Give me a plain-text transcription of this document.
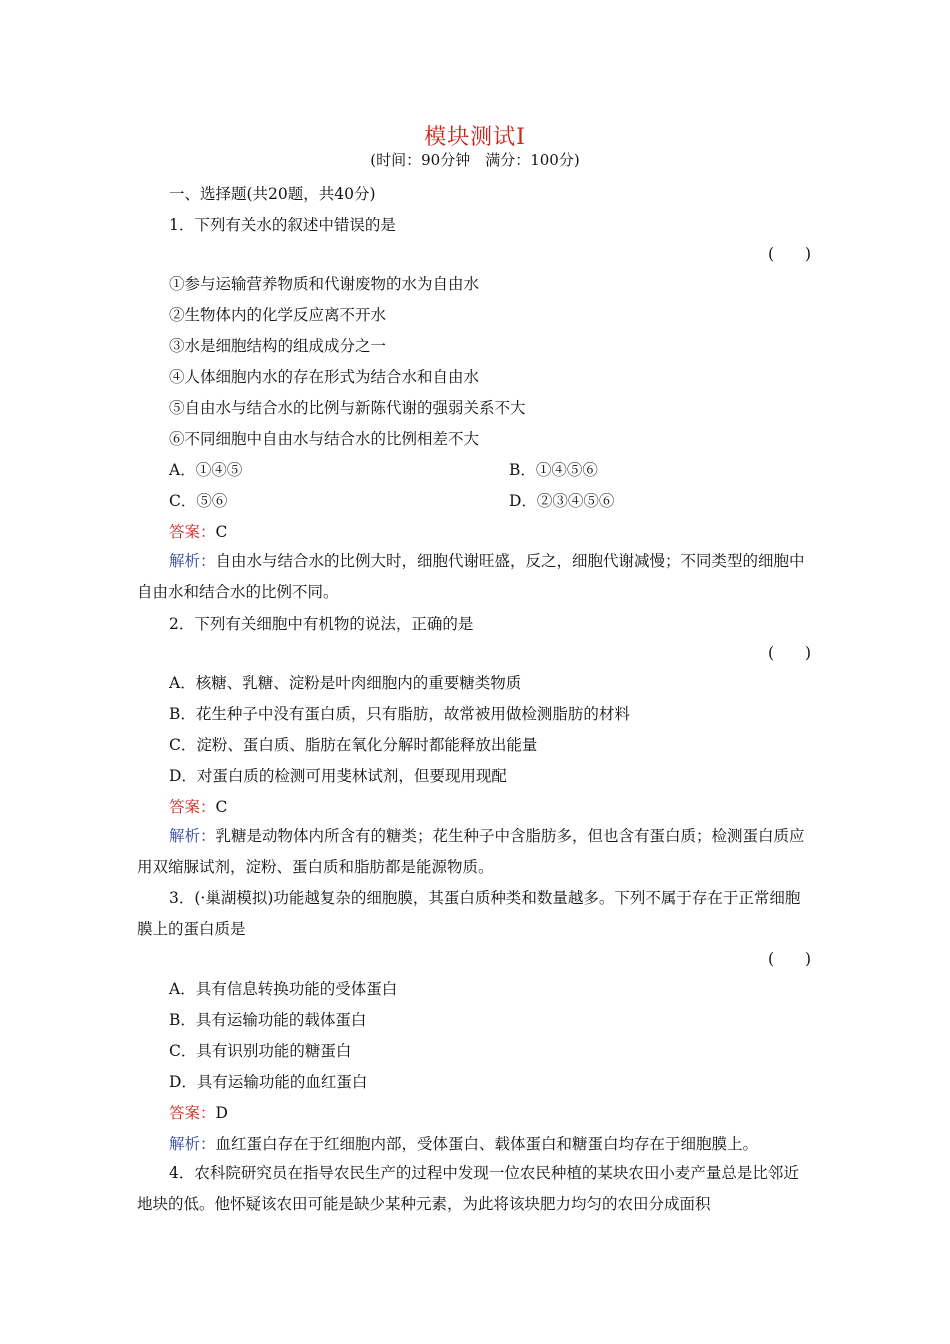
模块测试Ⅰ
(时间：90分钟　满分：100分)
一、选择题(共20题，共40分)
1．下列有关水的叙述中错误的是
(　　)
①参与运输营养物质和代谢废物的水为自由水
②生物体内的化学反应离不开水
③水是细胞结构的组成成分之一
④人体细胞内水的存在形式为结合水和自由水
⑤自由水与结合水的比例与新陈代谢的强弱关系不大
⑥不同细胞中自由水与结合水的比例相差不大
A．①④⑤	B．①④⑤⑥
C．⑤⑥	D．②③④⑤⑥
答案：C
解析：自由水与结合水的比例大时，细胞代谢旺盛，反之，细胞代谢减慢；不同类型的细胞中自由水和结合水的比例不同。
2．下列有关细胞中有机物的说法，正确的是
(　　)
A．核糖、乳糖、淀粉是叶肉细胞内的重要糖类物质
B．花生种子中没有蛋白质，只有脂肪，故常被用做检测脂肪的材料
C．淀粉、蛋白质、脂肪在氧化分解时都能释放出能量
D．对蛋白质的检测可用斐林试剂，但要现用现配
答案：C
解析：乳糖是动物体内所含有的糖类；花生种子中含脂肪多，但也含有蛋白质；检测蛋白质应用双缩脲试剂，淀粉、蛋白质和脂肪都是能源物质。
3．(·巢湖模拟)功能越复杂的细胞膜，其蛋白质种类和数量越多。下列不属于存在于正常细胞膜上的蛋白质是
(　　)
A．具有信息转换功能的受体蛋白
B．具有运输功能的载体蛋白
C．具有识别功能的糖蛋白
D．具有运输功能的血红蛋白
答案：D
解析：血红蛋白存在于红细胞内部，受体蛋白、载体蛋白和糖蛋白均存在于细胞膜上。
4．农科院研究员在指导农民生产的过程中发现一位农民种植的某块农田小麦产量总是比邻近地块的低。他怀疑该农田可能是缺少某种元素，为此将该块肥力均匀的农田分成面积
